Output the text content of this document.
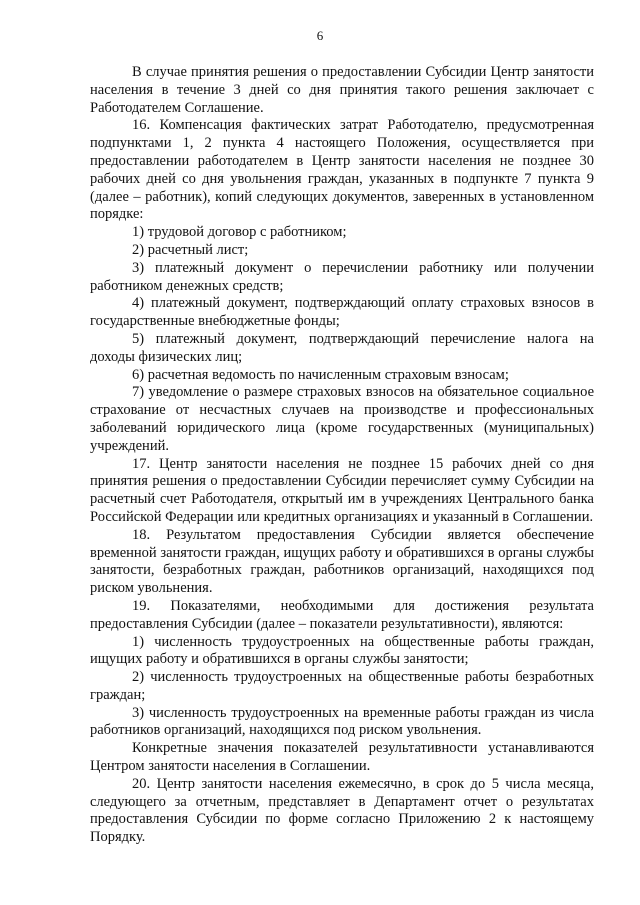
6

В случае принятия решения о предоставлении Субсидии Центр занятости населения в течение 3 дней со дня принятия такого решения заключает с Работодателем Соглашение.

16. Компенсация фактических затрат Работодателю, предусмотренная подпунктами 1, 2 пункта 4 настоящего Положения, осуществляется при предоставлении работодателем в Центр занятости населения не позднее 30 рабочих дней со дня увольнения граждан, указанных в подпункте 7 пункта 9 (далее – работник), копий следующих документов, заверенных в установленном порядке:

1) трудовой договор с работником;

2) расчетный лист;

3) платежный документ о перечислении работнику или получении работником денежных средств;

4) платежный документ, подтверждающий оплату страховых взносов в государственные внебюджетные фонды;

5) платежный документ, подтверждающий перечисление налога на доходы физических лиц;

6) расчетная ведомость по начисленным страховым взносам;

7) уведомление о размере страховых взносов на обязательное социальное страхование от несчастных случаев на производстве и профессиональных заболеваний юридического лица (кроме государственных (муниципальных) учреждений.

17. Центр занятости населения не позднее 15 рабочих дней со дня принятия решения о предоставлении Субсидии перечисляет сумму Субсидии на расчетный счет Работодателя, открытый им в учреждениях Центрального банка Российской Федерации или кредитных организациях и указанный в Соглашении.

18. Результатом предоставления Субсидии является обеспечение временной занятости граждан, ищущих работу и обратившихся в органы службы занятости, безработных граждан, работников организаций, находящихся под риском увольнения.

19. Показателями, необходимыми для достижения результата предоставления Субсидии (далее – показатели результативности), являются:

1) численность трудоустроенных на общественные работы граждан, ищущих работу и обратившихся в органы службы занятости;

2) численность трудоустроенных на общественные работы безработных граждан;

3) численность трудоустроенных на временные работы граждан из числа работников организаций, находящихся под риском увольнения.

Конкретные значения показателей результативности устанавливаются Центром занятости населения в Соглашении.

20. Центр занятости населения ежемесячно, в срок до 5 числа месяца, следующего за отчетным, представляет в Департамент отчет о результатах предоставления Субсидии по форме согласно Приложению 2 к настоящему Порядку.
